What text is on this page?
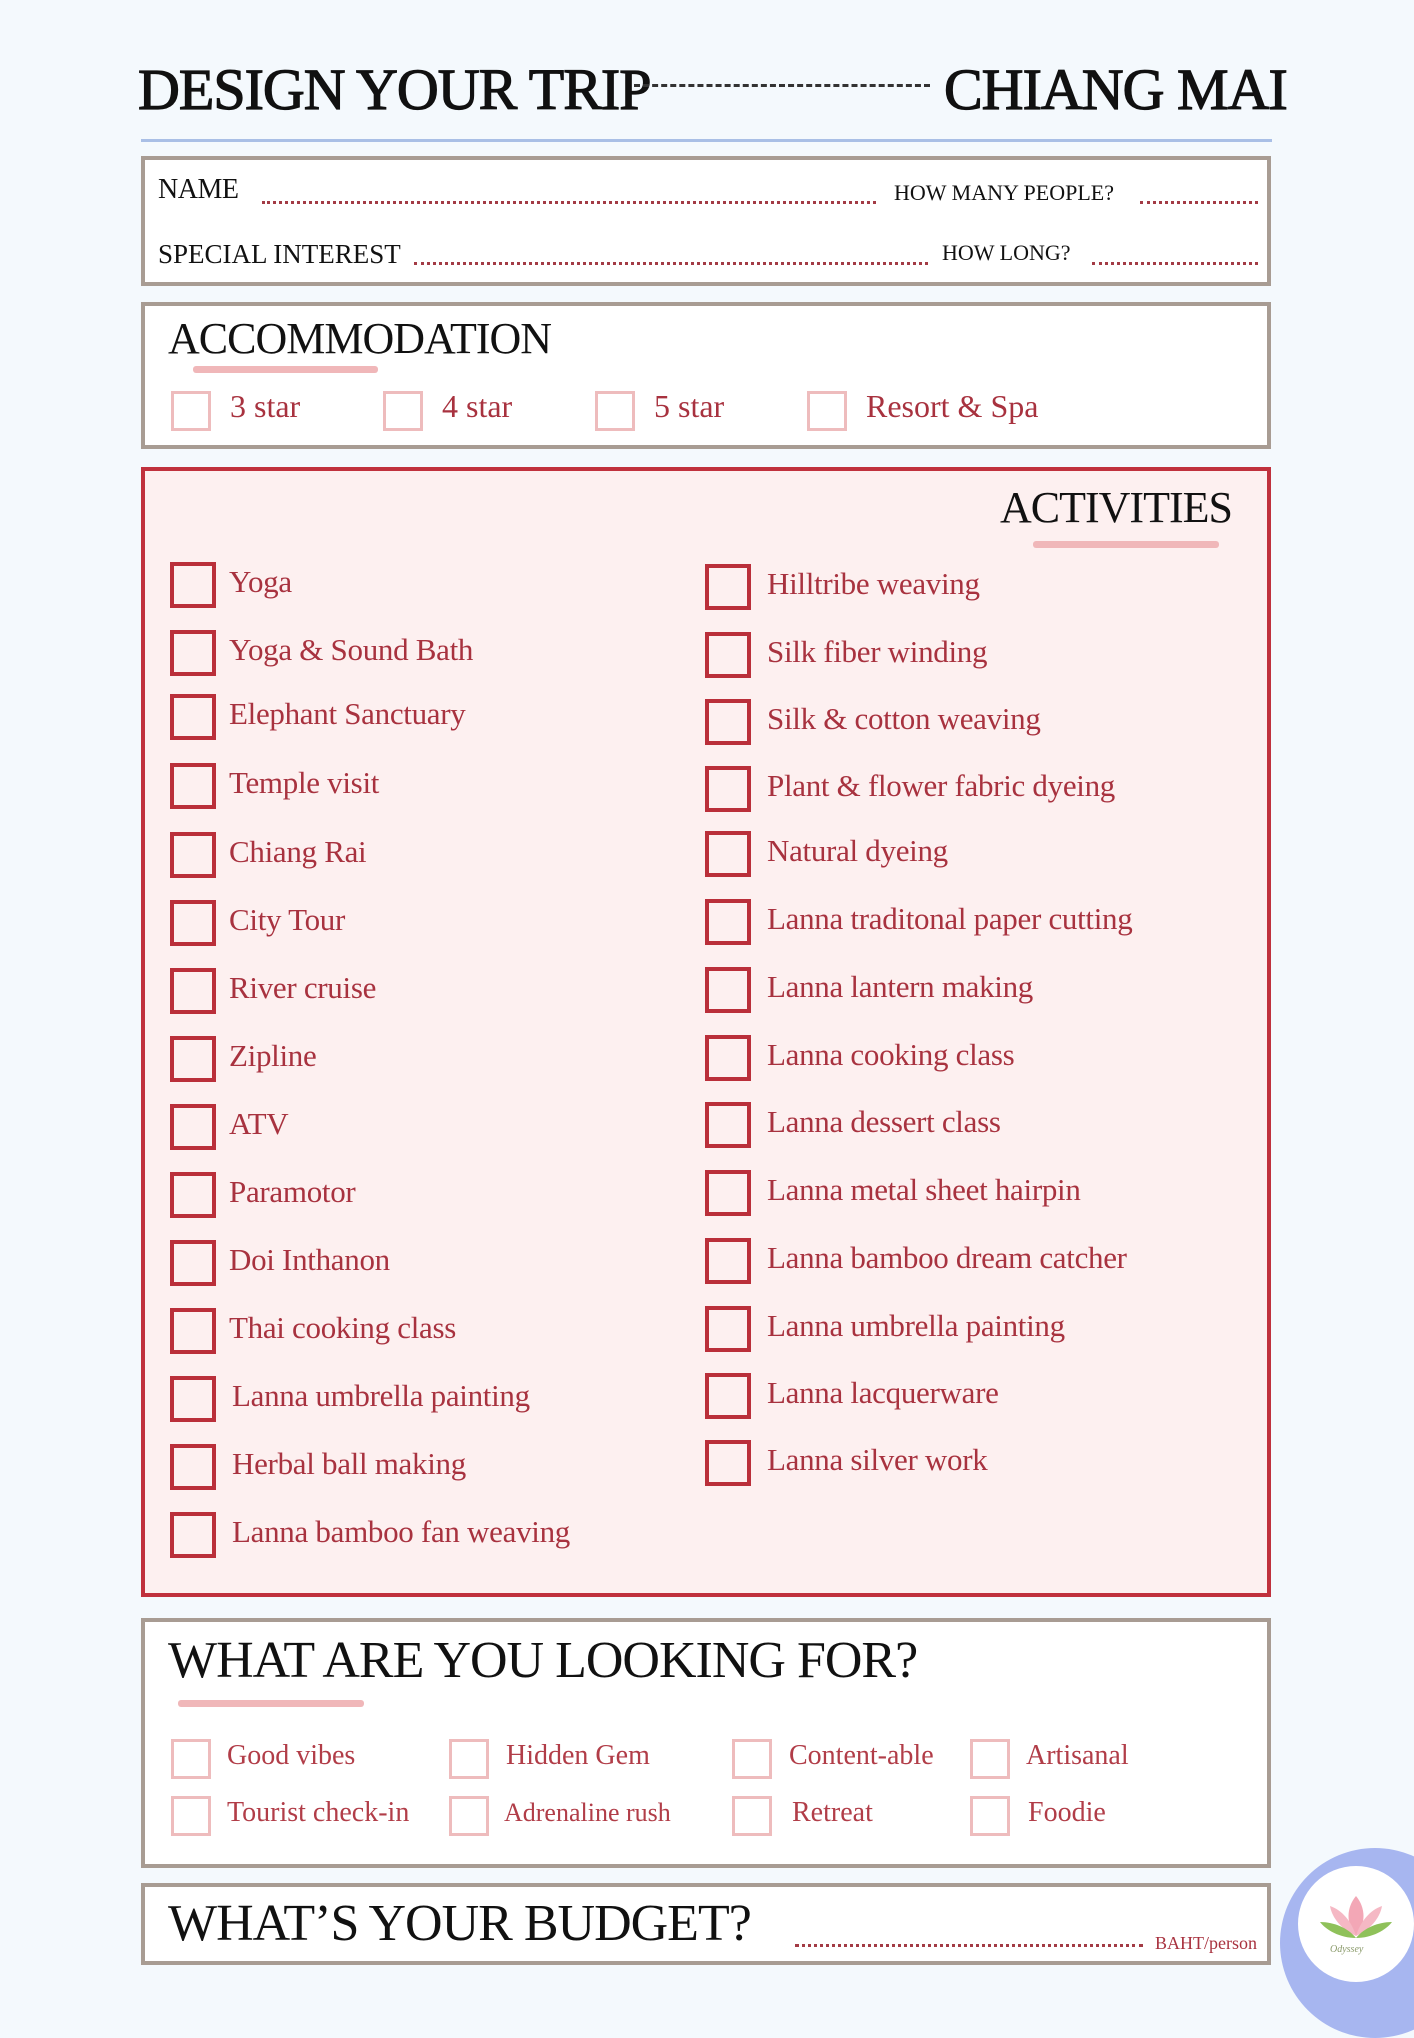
DESIGN YOUR TRIP	CHIANG MAI
NAME	HOW MANY PEOPLE?
SPECIAL INTEREST	HOW LONG?
ACCOMMODATION
3 star	4 star	5 star	Resort & Spa
ACTIVITIES
Yoga
Yoga & Sound Bath
Elephant Sanctuary
Temple visit
Chiang Rai
City Tour
River cruise
Zipline
ATV
Paramotor
Doi Inthanon
Thai cooking class
Lanna umbrella painting
Herbal ball making
Lanna bamboo fan weaving
Hilltribe weaving
Silk fiber winding
Silk & cotton weaving
Plant & flower fabric dyeing
Natural dyeing
Lanna traditonal paper cutting
Lanna lantern making
Lanna cooking class
Lanna dessert class
Lanna metal sheet hairpin
Lanna bamboo dream catcher
Lanna umbrella painting
Lanna lacquerware
Lanna silver work
WHAT ARE YOU LOOKING FOR?
Good vibes	Hidden Gem	Content-able	Artisanal
Tourist check-in	Adrenaline rush	Retreat	Foodie
WHAT’S YOUR BUDGET?	BAHT/person	Odyssey
